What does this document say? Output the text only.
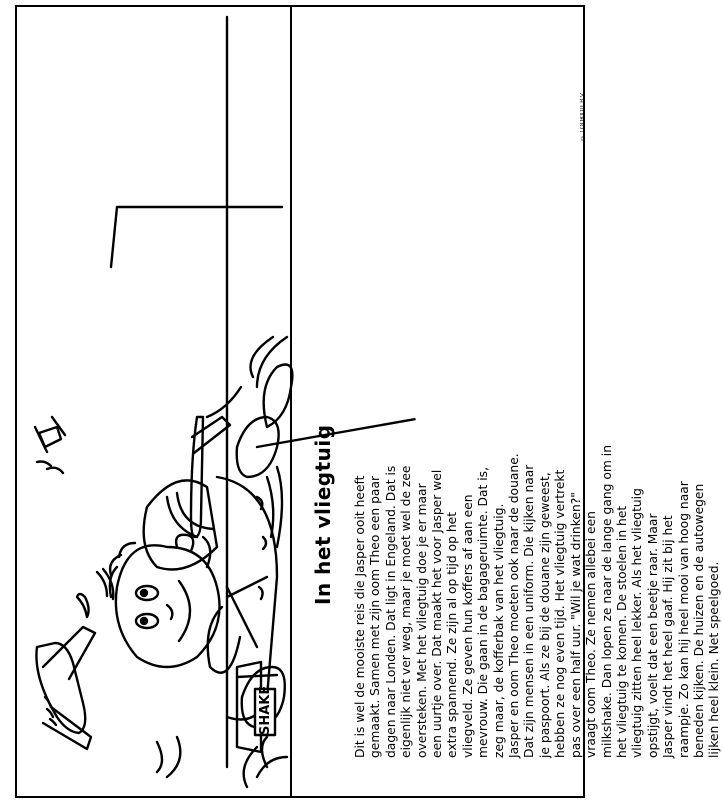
© LOOKIDIT B.V.
SHAKE
In het vliegtuig Dit is wel de mooiste reis die Jasper ooit heeft gemaakt. Samen met zijn oom Theo een paar dagen naar Londen. Dat ligt in Engeland. Dat is eigenlijk niet ver weg, maar je moet wel de zee oversteken. Met het vliegtuig doe je er maar een uurtje over. Dat maakt het voor Jasper wel extra spannend. Ze zijn al op tijd op het vliegveld. Ze geven hun koffers af aan een mevrouw. Die gaan in de bagageruimte. Dat is, zeg maar, de kofferbak van het vliegtuig. Jasper en oom Theo moeten ook naar de douane. Dat zijn mensen in een uniform. Die kijken naar je paspoort. Als ze bij de douane zijn geweest, hebben ze nog even tijd. Het vliegtuig vertrekt pas over een half uur. "Wil je wat drinken?" vraagt oom Theo. Ze nemen allebei een milkshake. Dan lopen ze naar de lange gang om in het vliegtuig te komen. De stoelen in het vliegtuig zitten heel lekker. Als het vliegtuig opstijgt, voelt dat een beetje raar. Maar Jasper vindt het heel gaaf. Hij zit bij het raampje. Zo kan hij heel mooi van hoog naar beneden kijken. De huizen en de autowegen lijken heel klein. Net speelgoed.
